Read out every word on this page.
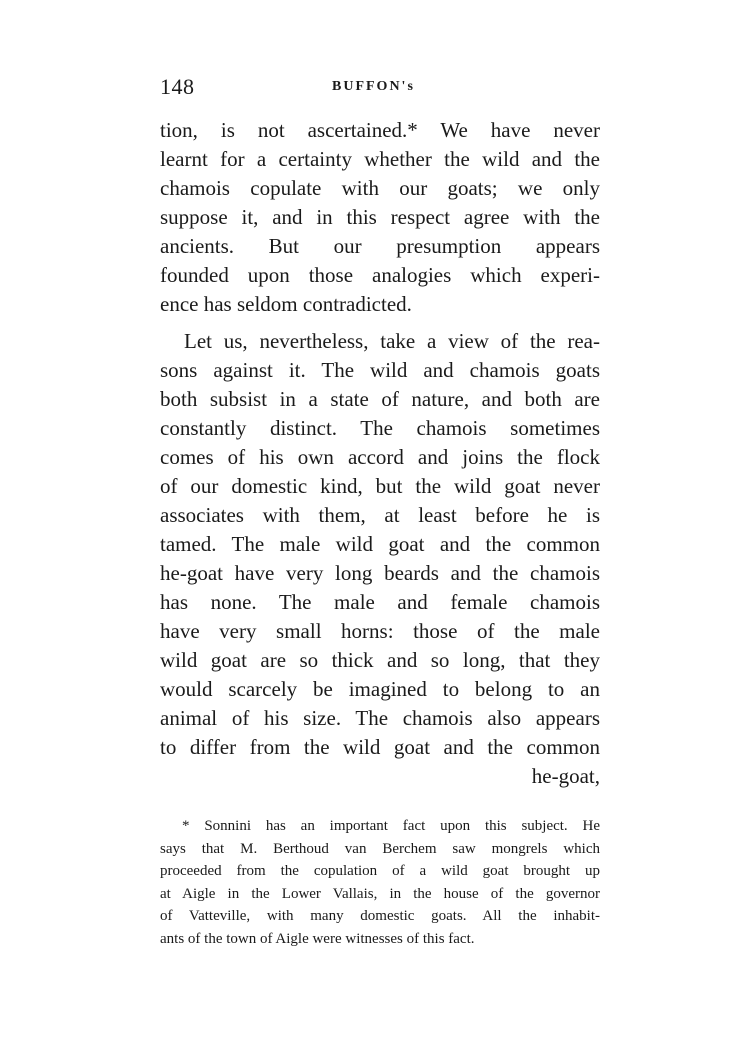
148	BUFFON's
tion, is not ascertained.* We have never
learnt for a certainty whether the wild and the
chamois copulate with our goats; we only
suppose it, and in this respect agree with the
ancients. But our presumption appears
founded upon those analogies which experi-
ence has seldom contradicted.
Let us, nevertheless, take a view of the rea-
sons against it. The wild and chamois goats
both subsist in a state of nature, and both are
constantly distinct. The chamois sometimes
comes of his own accord and joins the flock
of our domestic kind, but the wild goat never
associates with them, at least before he is
tamed. The male wild goat and the common
he-goat have very long beards and the chamois
has none. The male and female chamois
have very small horns: those of the male
wild goat are so thick and so long, that they
would scarcely be imagined to belong to an
animal of his size. The chamois also appears
to differ from the wild goat and the common
he-goat,
* Sonnini has an important fact upon this subject. He
says that M. Berthoud van Berchem saw mongrels which
proceeded from the copulation of a wild goat brought up
at Aigle in the Lower Vallais, in the house of the governor
of Vatteville, with many domestic goats. All the inhabit-
ants of the town of Aigle were witnesses of this fact.
